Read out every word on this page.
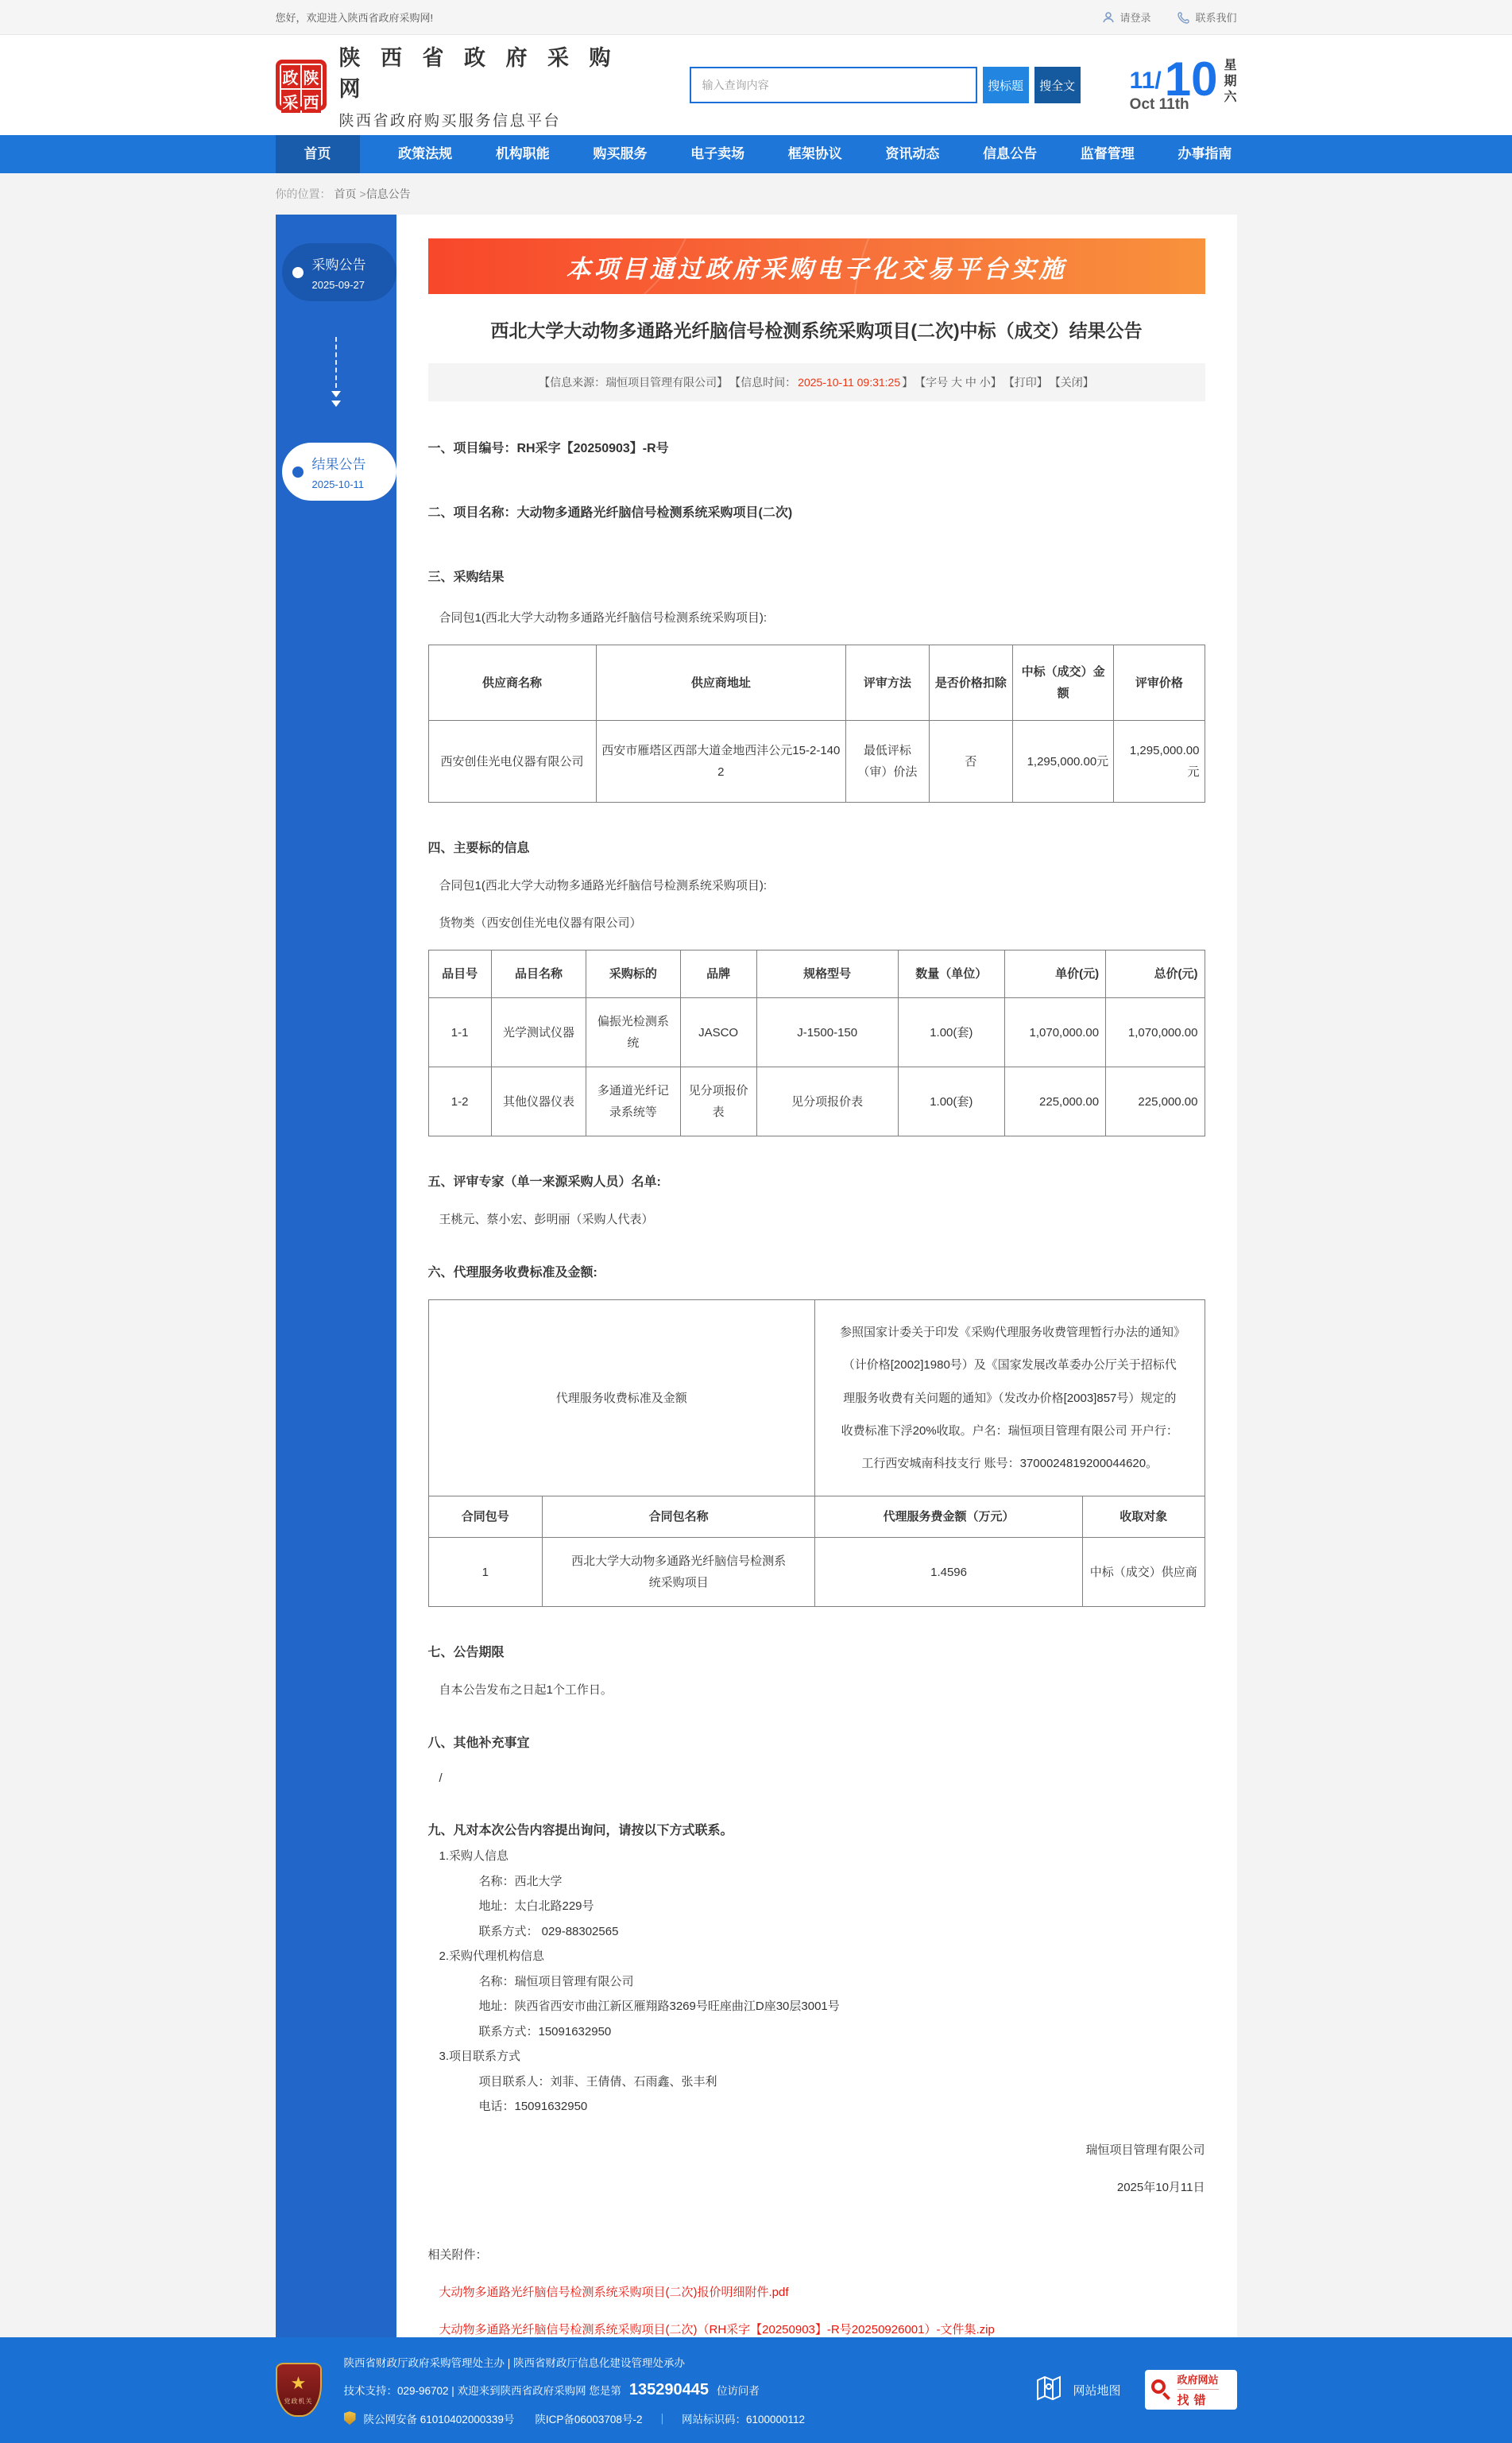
您好，欢迎进入陕西省政府采购网!	请登录	联系我们
政 陕
采 西
陕 西 省 政 府 采 购 网
陕西省政府购买服务信息平台
输入查询内容
搜标题	搜全文 11/ 10 星
期
六
Oct 11th
首页	政策法规	机构职能	购买服务	电子卖场	框架协议	资讯动态	信息公告	监督管理	办事指南
你的位置： 首页 > 信息公告
采购公告
2025-09-27
结果公告
2025-10-11
本项目通过政府采购电子化交易平台实施
西北大学大动物多通路光纤脑信号检测系统采购项目(二次)中标（成交）结果公告
【信息来源：瑞恒项目管理有限公司】 【信息时间： 2025-10-11 09:31:25 】 【字号 大 中 小】 【打印】 【关闭】
一、项目编号：RH采字【20250903】-R号
二、项目名称：大动物多通路光纤脑信号检测系统采购项目(二次)
三、采购结果
合同包1(西北大学大动物多通路光纤脑信号检测系统采购项目):
供应商名称	供应商地址	评审方法	是否价格扣除	中标（成交）金额	评审价格
西安创佳光电仪器有限公司	西安市雁塔区西部大道金地西沣公元15-2-1402	最低评标（审）价法	否	1,295,000.00元	1,295,000.00元
四、主要标的信息
合同包1(西北大学大动物多通路光纤脑信号检测系统采购项目):
货物类（西安创佳光电仪器有限公司）
品目号	品目名称	采购标的	品牌	规格型号	数量（单位）	单价(元)	总价(元)
1-1	光学测试仪器	偏振光检测系统	JASCO	J-1500-150	1.00(套)	1,070,000.00	1,070,000.00
1-2	其他仪器仪表	多通道光纤记录系统等	见分项报价表	见分项报价表	1.00(套)	225,000.00	225,000.00
五、评审专家（单一来源采购人员）名单:
王桃元、蔡小宏、彭明丽（采购人代表）
六、代理服务收费标准及金额:
代理服务收费标准及金额		参照国家计委关于印发《采购代理服务收费管理暂行办法的通知》（计价格[2002]1980号）及《国家发展改革委办公厅关于招标代理服务收费有关问题的通知》（发改办价格[2003]857号）规定的收费标准下浮20%收取。户名：瑞恒项目管理有限公司 开户行：工行西安城南科技支行 账号：3700024819200044620。	
合同包号	合同包名称	代理服务费金额（万元）	收取对象
1	西北大学大动物多通路光纤脑信号检测系统采购项目	1.4596	中标（成交）供应商
七、公告期限
自本公告发布之日起1个工作日。
八、其他补充事宜
/
九、凡对本次公告内容提出询问，请按以下方式联系。

1.采购人信息

名称：西北大学

地址：太白北路229号

联系方式： 029-88302565

2.采购代理机构信息

名称：瑞恒项目管理有限公司

地址：陕西省西安市曲江新区雁翔路3269号旺座曲江D座30层3001号

联系方式：15091632950

3.项目联系方式

项目联系人：刘菲、王倩倩、石雨鑫、张丰利

电话：15091632950

瑞恒项目管理有限公司
2025年10月11日
相关附件：
大动物多通路光纤脑信号检测系统采购项目(二次)报价明细附件.pdf
大动物多通路光纤脑信号检测系统采购项目(二次)（RH采字【20250903】-R号20250926001）-文件集.zip
★
党政机关
陕西省财政厅政府采购管理处主办 | 陕西省财政厅信息化建设管理处承办
技术支持：029-96702 | 欢迎来到陕西省政府采购网 您是第 135290445 位访问者
陕公网安备 61010402000339号 陕ICP备06003708号-2 ｜ 网站标识码：6100000112
网站地图
政府网站
找错
